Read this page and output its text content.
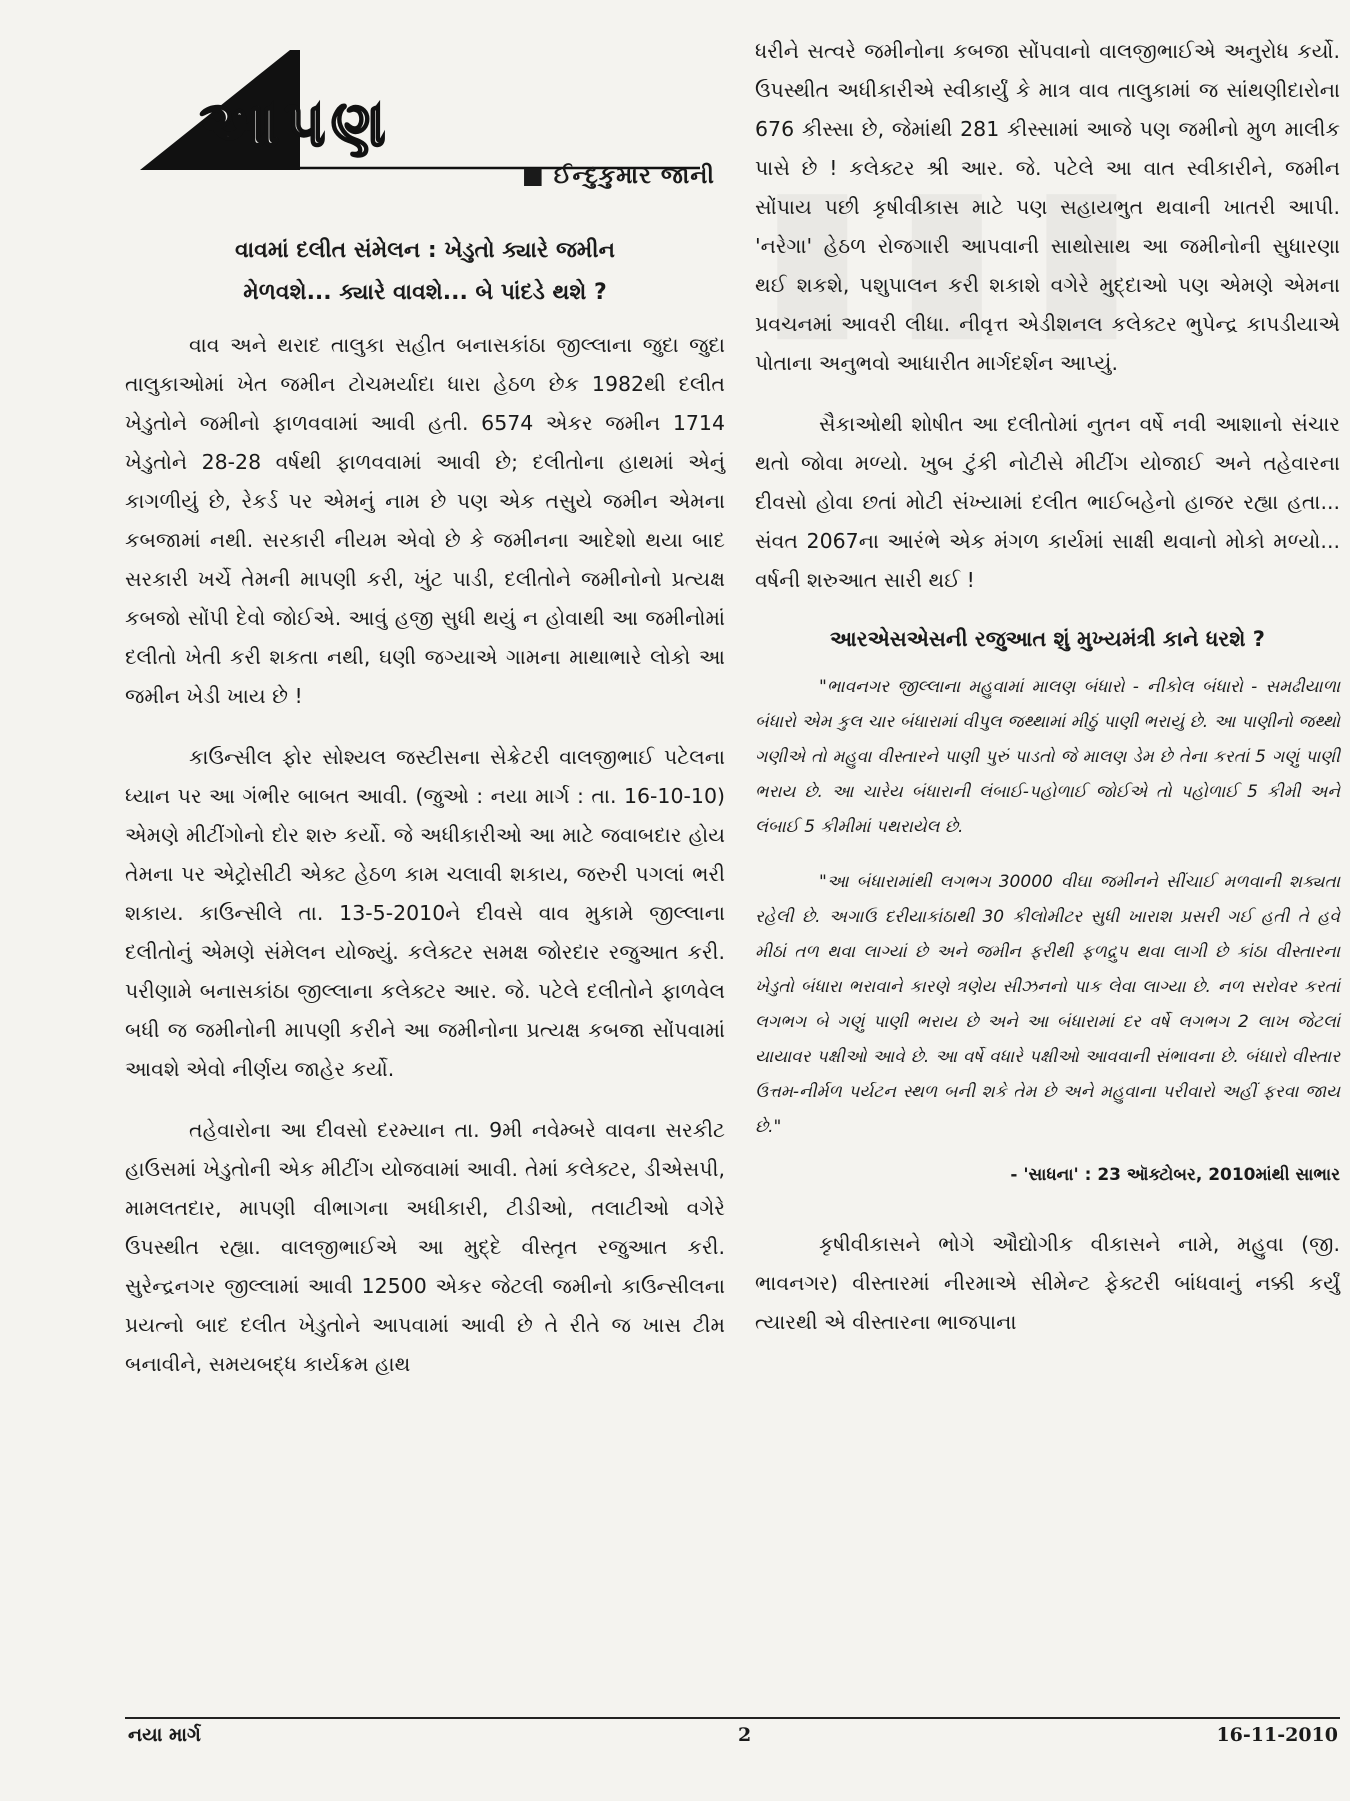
આપણ
■ ઈન્દુકુમાર જાની
વાવમાં દલીત સંમેલન : ખેડુતો ક્યારે જમીન
મેળવશે... ક્યારે વાવશે... બે પાંદડે થશે ?

વાવ અને થરાદ તાલુકા સહીત બનાસકાંઠા જીલ્લાના જુદા જુદા તાલુકાઓમાં ખેત જમીન ટોચમર્યાદા ધારા હેઠળ છેક 1982થી દલીત ખેડુતોને જમીનો ફાળવવામાં આવી હતી. 6574 એકર જમીન 1714 ખેડુતોને 28-28 વર્ષથી ફાળવવામાં આવી છે; દલીતોના હાથમાં એનું કાગળીયું છે, રેકર્ડ પર એમનું નામ છે પણ એક તસુયે જમીન એમના કબજામાં નથી. સરકારી નીયમ એવો છે કે જમીનના આદેશો થયા બાદ સરકારી ખર્ચે તેમની માપણી કરી, ખુંટ પાડી, દલીતોને જમીનોનો પ્રત્યક્ષ કબજો સોંપી દેવો જોઈએ. આવું હજી સુધી થયું ન હોવાથી આ જમીનોમાં દલીતો ખેતી કરી શકતા નથી, ઘણી જગ્યાએ ગામના માથાભારે લોકો આ જમીન ખેડી ખાય છે !

કાઉન્સીલ ફોર સોશ્યલ જસ્ટીસના સેક્રેટરી વાલજીભાઈ પટેલના ધ્યાન પર આ ગંભીર બાબત આવી. (જુઓ : નયા માર્ગ : તા. 16-10-10) એમણે મીટીંગોનો દોર શરુ કર્યો. જે અધીકારીઓ આ માટે જવાબદાર હોય તેમના પર એટ્રોસીટી એક્ટ હેઠળ કામ ચલાવી શકાય, જરુરી પગલાં ભરી શકાય. કાઉન્સીલે તા. 13-5-2010ને દીવસે વાવ મુકામે જીલ્લાના દલીતોનું એમણે સંમેલન યોજ્યું. કલેક્ટર સમક્ષ જોરદાર રજુઆત કરી. પરીણામે બનાસકાંઠા જીલ્લાના કલેક્ટર આર. જે. પટેલે દલીતોને ફાળવેલ બધી જ જમીનોની માપણી કરીને આ જમીનોના પ્રત્યક્ષ કબજા સોંપવામાં આવશે એવો નીર્ણય જાહેર કર્યો.

તહેવારોના આ દીવસો દરમ્યાન તા. 9મી નવેમ્બરે વાવના સરકીટ હાઉસમાં ખેડુતોની એક મીટીંગ યોજવામાં આવી. તેમાં કલેક્ટર, ડીએસપી, મામલતદાર, માપણી વીભાગના અધીકારી, ટીડીઓ, તલાટીઓ વગેરે ઉપસ્થીત રહ્યા. વાલજીભાઈએ આ મુદ્દે વીસ્તૃત રજુઆત કરી. સુરેન્દ્રનગર જીલ્લામાં આવી 12500 એકર જેટલી જમીનો કાઉન્સીલના પ્રયત્નો બાદ દલીત ખેડુતોને આપવામાં આવી છે તે રીતે જ ખાસ ટીમ બનાવીને, સમયબદ્ધ કાર્યક્રમ હાથ

ધરીને સત્વરે જમીનોના કબજા સોંપવાનો વાલજીભાઈએ અનુરોધ કર્યો. ઉપસ્થીત અધીકારીએ સ્વીકાર્યું કે માત્ર વાવ તાલુકામાં જ સાંથણીદારોના 676 કીસ્સા છે, જેમાંથી 281 કીસ્સામાં આજે પણ જમીનો મુળ માલીક પાસે છે ! કલેક્ટર શ્રી આર. જે. પટેલે આ વાત સ્વીકારીને, જમીન સોંપાય પછી કૃષીવીકાસ માટે પણ સહાયભુત થવાની ખાતરી આપી. 'નરેગા' હેઠળ રોજગારી આપવાની સાથોસાથ આ જમીનોની સુધારણા થઈ શકશે, પશુપાલન કરી શકાશે વગેરે મુદ્દાઓ પણ એમણે એમના પ્રવચનમાં આવરી લીધા. નીવૃત્ત એડીશનલ કલેક્ટર ભુપેન્દ્ર કાપડીયાએ પોતાના અનુભવો આધારીત માર્ગદર્શન આપ્યું.

સૈકાઓથી શોષીત આ દલીતોમાં નુતન વર્ષે નવી આશાનો સંચાર થતો જોવા મળ્યો. ખુબ ટુંકી નોટીસે મીટીંગ યોજાઈ અને તહેવારના દીવસો હોવા છતાં મોટી સંખ્યામાં દલીત ભાઈબહેનો હાજર રહ્યા હતા... સંવત 2067ના આરંભે એક મંગળ કાર્યમાં સાક્ષી થવાનો મોકો મળ્યો... વર્ષની શરુઆત સારી થઈ !

આરએસએસની રજુઆત શું મુખ્યમંત્રી કાને ધરશે ?

"ભાવનગર જીલ્લાના મહુવામાં માલણ બંધારો - નીકોલ બંધારો - સમઢીયાળા બંધારો એમ કુલ ચાર બંધારામાં વીપુલ જથ્થામાં મીઠું પાણી ભરાયું છે. આ પાણીનો જથ્થો ગણીએ તો મહુવા વીસ્તારને પાણી પુરું પાડતો જે માલણ ડેમ છે તેના કરતાં 5 ગણું પાણી ભરાય છે. આ ચારેય બંધારાની લંબાઈ-પહોળાઈ જોઈએ તો પહોળાઈ 5 કીમી અને લંબાઈ 5 કીમીમાં પથરાયેલ છે.

"આ બંધારામાંથી લગભગ 30000 વીઘા જમીનને સીંચાઈ મળવાની શક્યતા રહેલી છે. અગાઉ દરીયાકાંઠાથી 30 કીલોમીટર સુધી ખારાશ પ્રસરી ગઈ હતી તે હવે મીઠાં તળ થવા લાગ્યાં છે અને જમીન ફરીથી ફળદ્રુપ થવા લાગી છે કાંઠા વીસ્તારના ખેડુતો બંધારા ભરાવાને કારણે ત્રણેય સીઝનનો પાક લેવા લાગ્યા છે. નળ સરોવર કરતાં લગભગ બે ગણું પાણી ભરાય છે અને આ બંધારામાં દર વર્ષે લગભગ 2 લાખ જેટલાં યાયાવર પક્ષીઓ આવે છે. આ વર્ષે વધારે પક્ષીઓ આવવાની સંભાવના છે. બંધારો વીસ્તાર ઉત્તમ-નીર્મળ પર્યટન સ્થળ બની શકે તેમ છે અને મહુવાના પરીવારો અહીં ફરવા જાય છે."

- 'સાધના' : 23 ઑક્ટોબર, 2010માંથી સાભાર

કૃષીવીકાસને ભોગે ઔદ્યોગીક વીકાસને નામે, મહુવા (જી. ભાવનગર) વીસ્તારમાં નીરમાએ સીમેન્ટ ફેક્ટરી બાંધવાનું નક્કી કર્યું ત્યારથી એ વીસ્તારના ભાજપાના

નયા માર્ગ	2	16-11-2010
